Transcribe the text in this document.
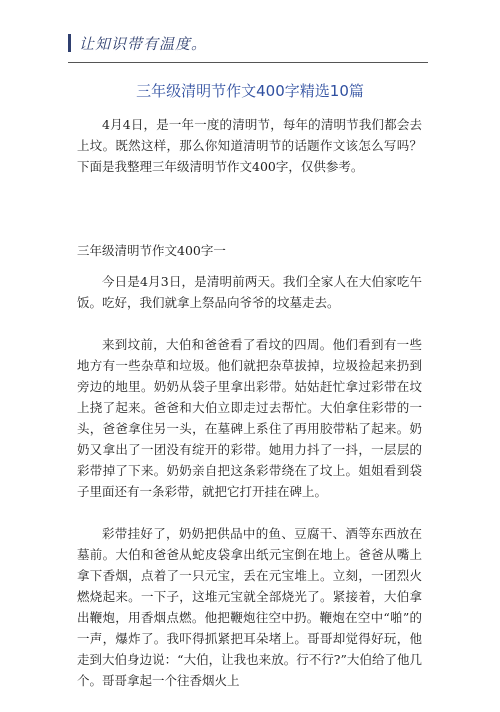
让知识带有温度。
三年级清明节作文400字精选10篇

4月4日，是一年一度的清明节，每年的清明节我们都会去上坟。既然这样，那么你知道清明节的话题作文该怎么写吗？下面是我整理三年级清明节作文400字，仅供参考。

三年级清明节作文400字一

今日是4月3日，是清明前两天。我们全家人在大伯家吃午饭。吃好，我们就拿上祭品向爷爷的坟墓走去。

来到坟前，大伯和爸爸看了看坟的四周。他们看到有一些地方有一些杂草和垃圾。他们就把杂草拔掉，垃圾捡起来扔到旁边的地里。奶奶从袋子里拿出彩带。姑姑赶忙拿过彩带在坟上挠了起来。爸爸和大伯立即走过去帮忙。大伯拿住彩带的一头，爸爸拿住另一头，在墓碑上系住了再用胶带粘了起来。奶奶又拿出了一团没有绽开的彩带。她用力抖了一抖，一层层的彩带掉了下来。奶奶亲自把这条彩带绕在了坟上。姐姐看到袋子里面还有一条彩带，就把它打开挂在碑上。

彩带挂好了，奶奶把供品中的鱼、豆腐干、酒等东西放在墓前。大伯和爸爸从蛇皮袋拿出纸元宝倒在地上。爸爸从嘴上拿下香烟，点着了一只元宝，丢在元宝堆上。立刻，一团烈火燃烧起来。一下子，这堆元宝就全部烧光了。紧接着，大伯拿出鞭炮，用香烟点燃。他把鞭炮往空中扔。鞭炮在空中“啪”的一声，爆炸了。我吓得抓紧把耳朵堵上。哥哥却觉得好玩，他走到大伯身边说：“大伯，让我也来放。行不行?”大伯给了他几个。哥哥拿起一个往香烟火上
